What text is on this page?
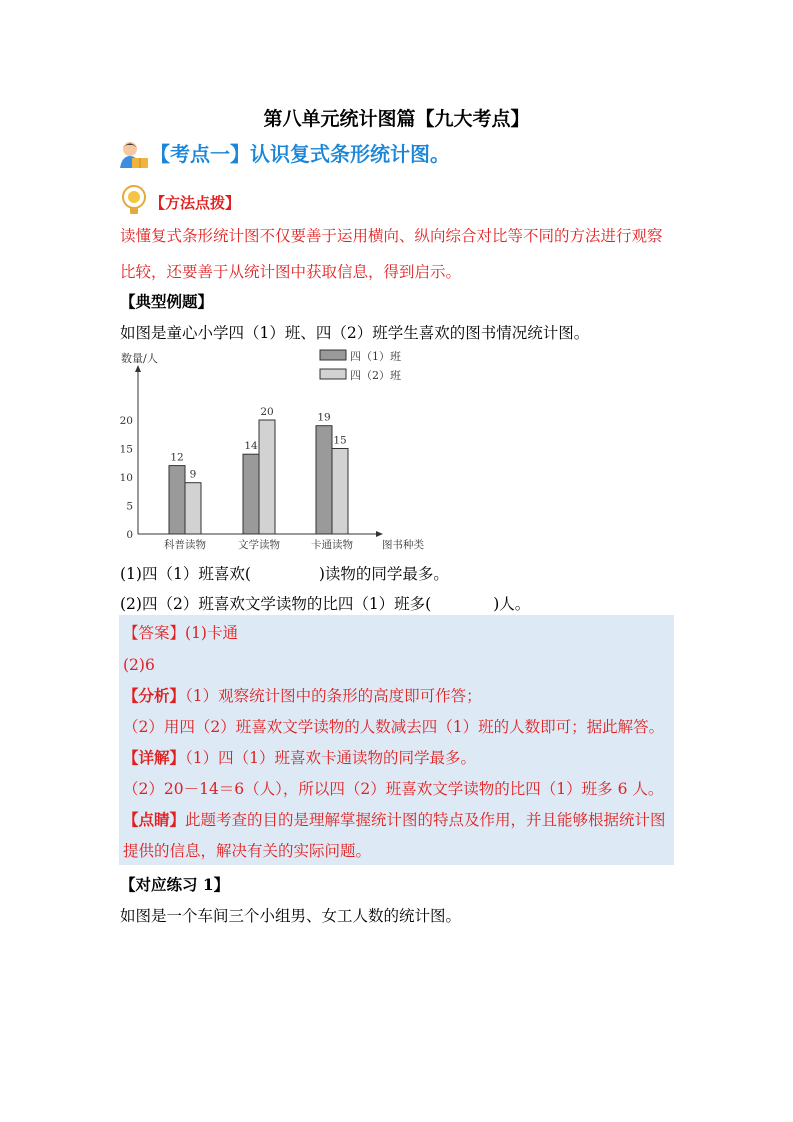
第八单元统计图篇【九大考点】
【考点一】认识复式条形统计图。
【方法点拨】
读懂复式条形统计图不仅要善于运用横向、纵向综合对比等不同的方法进行观察
比较，还要善于从统计图中获取信息，得到启示。
【典型例题】
如图是童心小学四（1）班、四（2）班学生喜欢的图书情况统计图。
数量/人
0
5
10
15
20
图书种类
12
9
科普读物
14
20
文学读物
19
15
卡通读物
四（1）班
四（2）班
(1)四（1）班喜欢(	)读物的同学最多。
(2)四（2）班喜欢文学读物的比四（1）班多(	)人。
【答案】(1)卡通
(2)6
【分析】（1）观察统计图中的条形的高度即可作答；
（2）用四（2）班喜欢文学读物的人数减去四（1）班的人数即可；据此解答。
【详解】（1）四（1）班喜欢卡通读物的同学最多。
（2）20－14＝6（人），所以四（2）班喜欢文学读物的比四（1）班多 6 人。
【点睛】此题考查的目的是理解掌握统计图的特点及作用，并且能够根据统计图
提供的信息，解决有关的实际问题。
【对应练习 1】
如图是一个车间三个小组男、女工人数的统计图。
